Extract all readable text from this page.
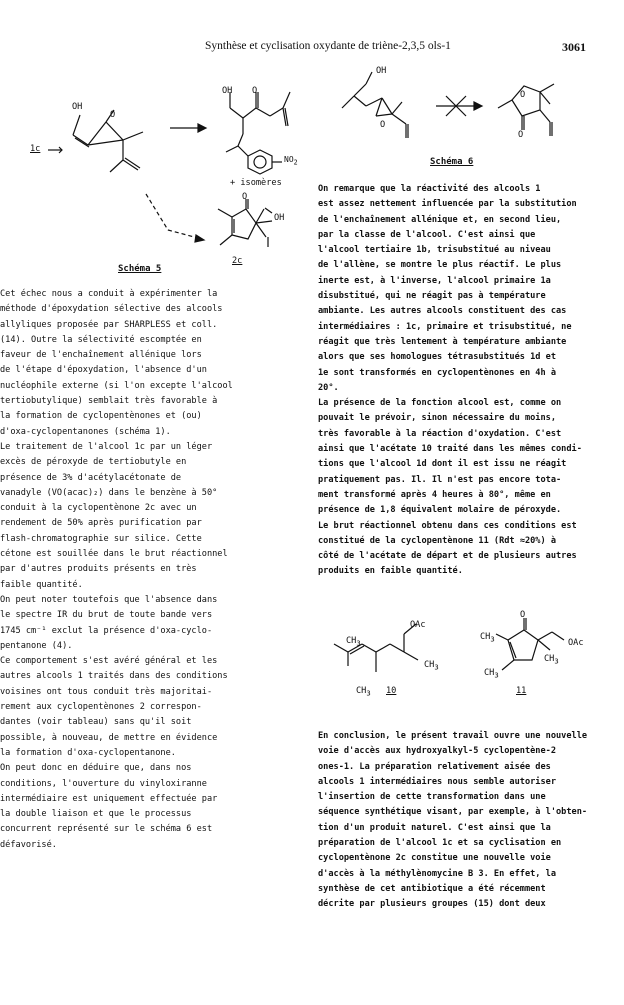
Synthèse et cyclisation oxydante de triène-2,3,5 ols-1	3061
1c
OH
O
OH O
$NO_2$
+ isomères
O
OH
2c
Schéma 5
OH
O
O
O
Schéma 6
Cet échec nous a conduit à expérimenter la
méthode d'époxydation sélective des alcools
allyliques proposée par SHARPLESS et coll.
(14). Outre la sélectivité escomptée en
faveur de l'enchaînement allénique lors
de l'étape d'époxydation, l'absence d'un
nucléophile externe (si l'on excepte l'alcool
tertiobutylique) semblait très favorable à
la formation de cyclopentènones et (ou)
d'oxa-cyclopentanones (schéma 1).
Le traitement de l'alcool 1c par un léger
excès de péroxyde de tertiobutyle en
présence de 3% d'acétylacétonate de
vanadyle (VO(acac)₂) dans le benzène à 50°
conduit à la cyclopentènone 2c avec un
rendement de 50% après purification par
flash-chromatographie sur silice. Cette
cétone est souillée dans le brut réactionnel
par d'autres produits présents en très
faible quantité.
On peut noter toutefois que l'absence dans
le spectre IR du brut de toute bande vers
1745 cm⁻¹ exclut la présence d'oxa-cyclo-
pentanone (4).
Ce comportement s'est avéré général et les
autres alcools 1 traités dans des conditions
voisines ont tous conduit très majoritai-
rement aux cyclopentènones 2 correspon-
dantes (voir tableau) sans qu'il soit
possible, à nouveau, de mettre en évidence
la formation d'oxa-cyclopentanone.
On peut donc en déduire que, dans nos
conditions, l'ouverture du vinyloxiranne
intermédiaire est uniquement effectuée par
la double liaison et que le processus
concurrent représenté sur le schéma 6 est
défavorisé.
On remarque que la réactivité des alcools 1
est assez nettement influencée par la substitution
de l'enchaînement allénique et, en second lieu,
par la classe de l'alcool. C'est ainsi que
l'alcool tertiaire 1b, trisubstitué au niveau
de l'allène, se montre le plus réactif. Le plus
inerte est, à l'inverse, l'alcool primaire 1a
disubstitué, qui ne réagit pas à température
ambiante. Les autres alcools constituent des cas
intermédiaires : 1c, primaire et trisubstitué, ne
réagit que très lentement à température ambiante
alors que ses homologues tétrasubstitués 1d et
1e sont transformés en cyclopentènones en 4h à
20°.
La présence de la fonction alcool est, comme on
pouvait le prévoir, sinon nécessaire du moins,
très favorable à la réaction d'oxydation. C'est
ainsi que l'acétate 10 traité dans les mêmes condi-
tions que l'alcool 1d dont il est issu ne réagit
pratiquement pas. Il. Il n'est pas encore tota-
ment transformé après 4 heures à 80°, même en
présence de 1,8 équivalent molaire de péroxyde.
Le brut réactionnel obtenu dans ces conditions est
constitué de la cyclopentènone 11 (Rdt ≈20%) à
côté de l'acétate de départ et de plusieurs autres
produits en faible quantité.
En conclusion, le présent travail ouvre une nouvelle
voie d'accès aux hydroxyalkyl-5 cyclopentène-2
ones-1. La préparation relativement aisée des
alcools 1 intermédiaires nous semble autoriser
l'insertion de cette transformation dans une
séquence synthétique visant, par exemple, à l'obten-
tion d'un produit naturel. C'est ainsi que la
préparation de l'alcool 1c et sa cyclisation en
cyclopentènone 2c constitue une nouvelle voie
d'accès à la méthylènomycine B 3. En effet, la
synthèse de cet antibiotique a été récemment
décrite par plusieurs groupes (15) dont deux
OAc
$CH_3$
$CH_3$
$CH_3$ 10
O
$CH_3$	OAc
$CH_3$
$CH_3$
11
